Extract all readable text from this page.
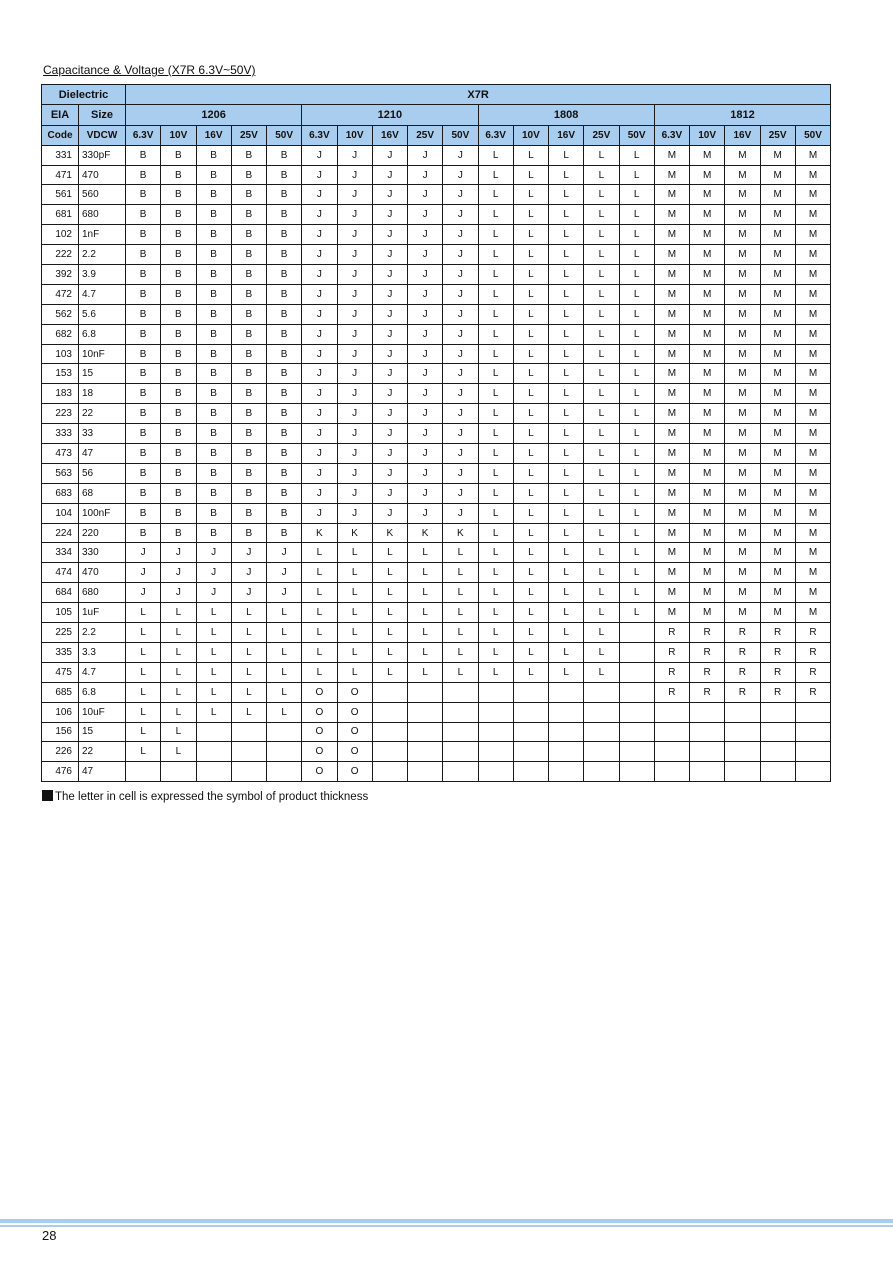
Capacitance & Voltage (X7R 6.3V~50V)
Dielectric		X7R																			
EIA	Size	1206					1210					1808					1812				
Code	VDCW	6.3V	10V	16V	25V	50V	6.3V	10V	16V	25V	50V	6.3V	10V	16V	25V	50V	6.3V	10V	16V	25V	50V
331	330pF	B	B	B	B	B	J	J	J	J	J	L	L	L	L	L	M	M	M	M	M
471	470	B	B	B	B	B	J	J	J	J	J	L	L	L	L	L	M	M	M	M	M
561	560	B	B	B	B	B	J	J	J	J	J	L	L	L	L	L	M	M	M	M	M
681	680	B	B	B	B	B	J	J	J	J	J	L	L	L	L	L	M	M	M	M	M
102	1nF	B	B	B	B	B	J	J	J	J	J	L	L	L	L	L	M	M	M	M	M
222	2.2	B	B	B	B	B	J	J	J	J	J	L	L	L	L	L	M	M	M	M	M
392	3.9	B	B	B	B	B	J	J	J	J	J	L	L	L	L	L	M	M	M	M	M
472	4.7	B	B	B	B	B	J	J	J	J	J	L	L	L	L	L	M	M	M	M	M
562	5.6	B	B	B	B	B	J	J	J	J	J	L	L	L	L	L	M	M	M	M	M
682	6.8	B	B	B	B	B	J	J	J	J	J	L	L	L	L	L	M	M	M	M	M
103	10nF	B	B	B	B	B	J	J	J	J	J	L	L	L	L	L	M	M	M	M	M
153	15	B	B	B	B	B	J	J	J	J	J	L	L	L	L	L	M	M	M	M	M
183	18	B	B	B	B	B	J	J	J	J	J	L	L	L	L	L	M	M	M	M	M
223	22	B	B	B	B	B	J	J	J	J	J	L	L	L	L	L	M	M	M	M	M
333	33	B	B	B	B	B	J	J	J	J	J	L	L	L	L	L	M	M	M	M	M
473	47	B	B	B	B	B	J	J	J	J	J	L	L	L	L	L	M	M	M	M	M
563	56	B	B	B	B	B	J	J	J	J	J	L	L	L	L	L	M	M	M	M	M
683	68	B	B	B	B	B	J	J	J	J	J	L	L	L	L	L	M	M	M	M	M
104	100nF	B	B	B	B	B	J	J	J	J	J	L	L	L	L	L	M	M	M	M	M
224	220	B	B	B	B	B	K	K	K	K	K	L	L	L	L	L	M	M	M	M	M
334	330	J	J	J	J	J	L	L	L	L	L	L	L	L	L	L	M	M	M	M	M
474	470	J	J	J	J	J	L	L	L	L	L	L	L	L	L	L	M	M	M	M	M
684	680	J	J	J	J	J	L	L	L	L	L	L	L	L	L	L	M	M	M	M	M
105	1uF	L	L	L	L	L	L	L	L	L	L	L	L	L	L	L	M	M	M	M	M
225	2.2	L	L	L	L	L	L	L	L	L	L	L	L	L	L		R	R	R	R	R
335	3.3	L	L	L	L	L	L	L	L	L	L	L	L	L	L		R	R	R	R	R
475	4.7	L	L	L	L	L	L	L	L	L	L	L	L	L	L		R	R	R	R	R
685	6.8	L	L	L	L	L	O	O									R	R	R	R	R
106	10uF	L	L	L	L	L	O	O													
156	15	L	L				O	O													
226	22	L	L				O	O													
476	47						O	O													
The letter in cell is expressed the symbol of product thickness
28
